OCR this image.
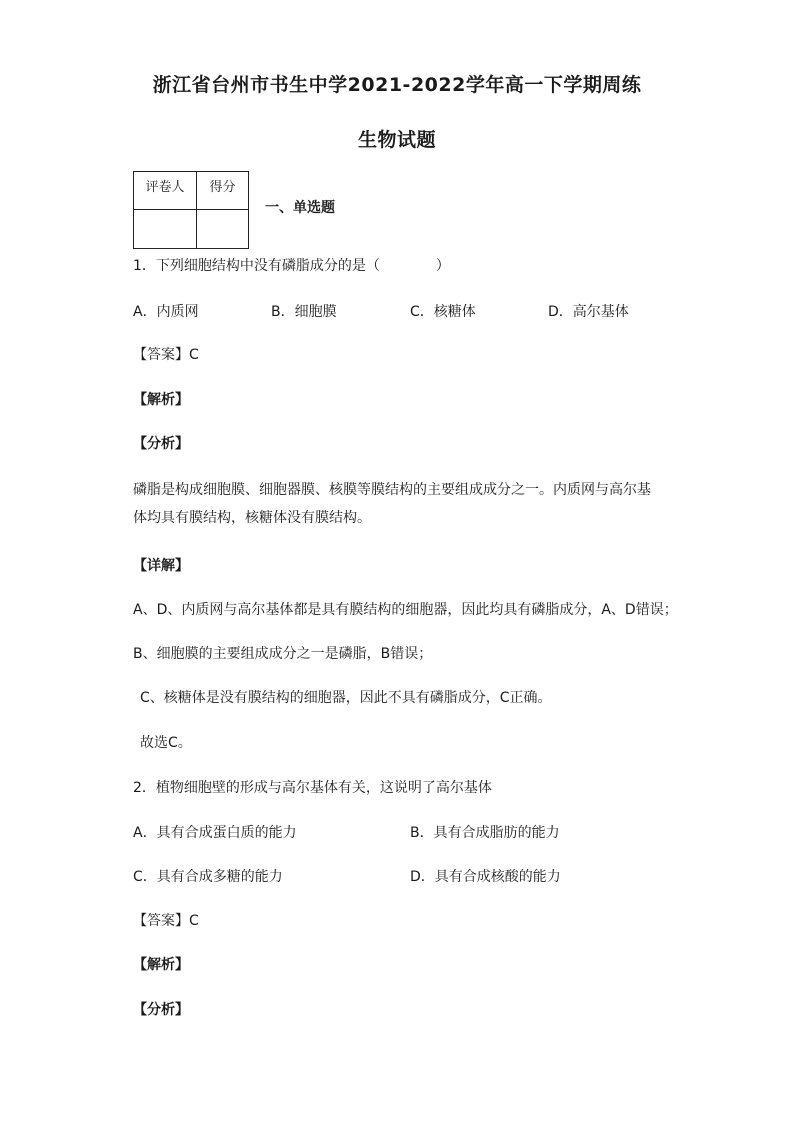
浙江省台州市书生中学2021-2022学年高一下学期周练
生物试题
评卷人	得分

一、单选题
1．下列细胞结构中没有磷脂成分的是（　　　　）
A．内质网	B．细胞膜	C．核糖体	D．高尔基体
【答案】C
【解析】
【分析】
磷脂是构成细胞膜、细胞器膜、核膜等膜结构的主要组成成分之一。内质网与高尔基体均具有膜结构，核糖体没有膜结构。
【详解】
A、D、内质网与高尔基体都是具有膜结构的细胞器，因此均具有磷脂成分，A、D错误；
B、细胞膜的主要组成成分之一是磷脂，B错误；
C、核糖体是没有膜结构的细胞器，因此不具有磷脂成分，C正确。
故选C。
2．植物细胞壁的形成与高尔基体有关，这说明了高尔基体
A．具有合成蛋白质的能力	B．具有合成脂肪的能力
C．具有合成多糖的能力	D．具有合成核酸的能力
【答案】C
【解析】
【分析】
